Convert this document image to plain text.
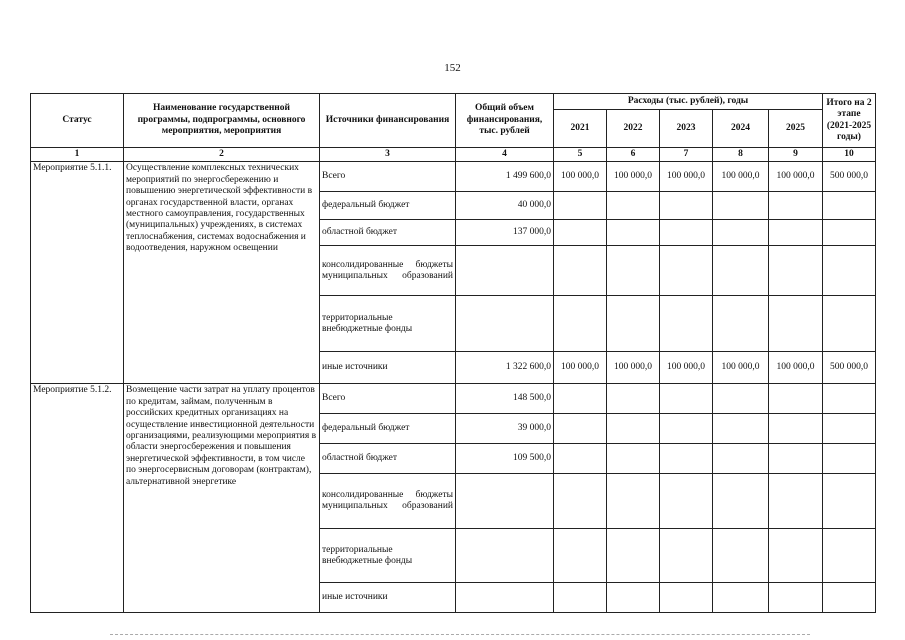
152
Статус	Наименование государственной программы, подпрограммы, основного мероприятия, мероприятия	Источники финансирования	Общий объем финансирования, тыс. рублей	Расходы (тыс. рублей), годы					Итого на 2 этапе (2021-2025 годы)
				2021	2022	2023	2024	2025	
1	2	3	4	5	6	7	8	9	10
Мероприятие 5.1.1.	Осуществление комплексных технических мероприятий по энергосбережению и повышению энергетической эффективности в органах государственной власти, органах местного самоуправления, государственных (муниципальных) учреждениях, в системах теплоснабжения, системах водоснабжения и водоотведения, наружном освещении	Всего	1 499 600,0	100 000,0	100 000,0	100 000,0	100 000,0	100 000,0	500 000,0
		федеральный бюджет	40 000,0						
		областной бюджет	137 000,0						
		консолидированные бюджеты муниципальных образований							
		территориальные внебюджетные фонды							
		иные источники	1 322 600,0	100 000,0	100 000,0	100 000,0	100 000,0	100 000,0	500 000,0
Мероприятие 5.1.2.	Возмещение части затрат на уплату процентов по кредитам, займам, полученным в российских кредитных организациях на осуществление инвестиционной деятельности организациями, реализующими мероприятия в области энергосбережения и повышения энергетической эффективности, в том числе по энергосервисным договорам (контрактам), альтернативной энергетике	Всего	148 500,0						
		федеральный бюджет	39 000,0						
		областной бюджет	109 500,0						
		консолидированные бюджеты муниципальных образований							
		территориальные внебюджетные фонды							
		иные источники							
